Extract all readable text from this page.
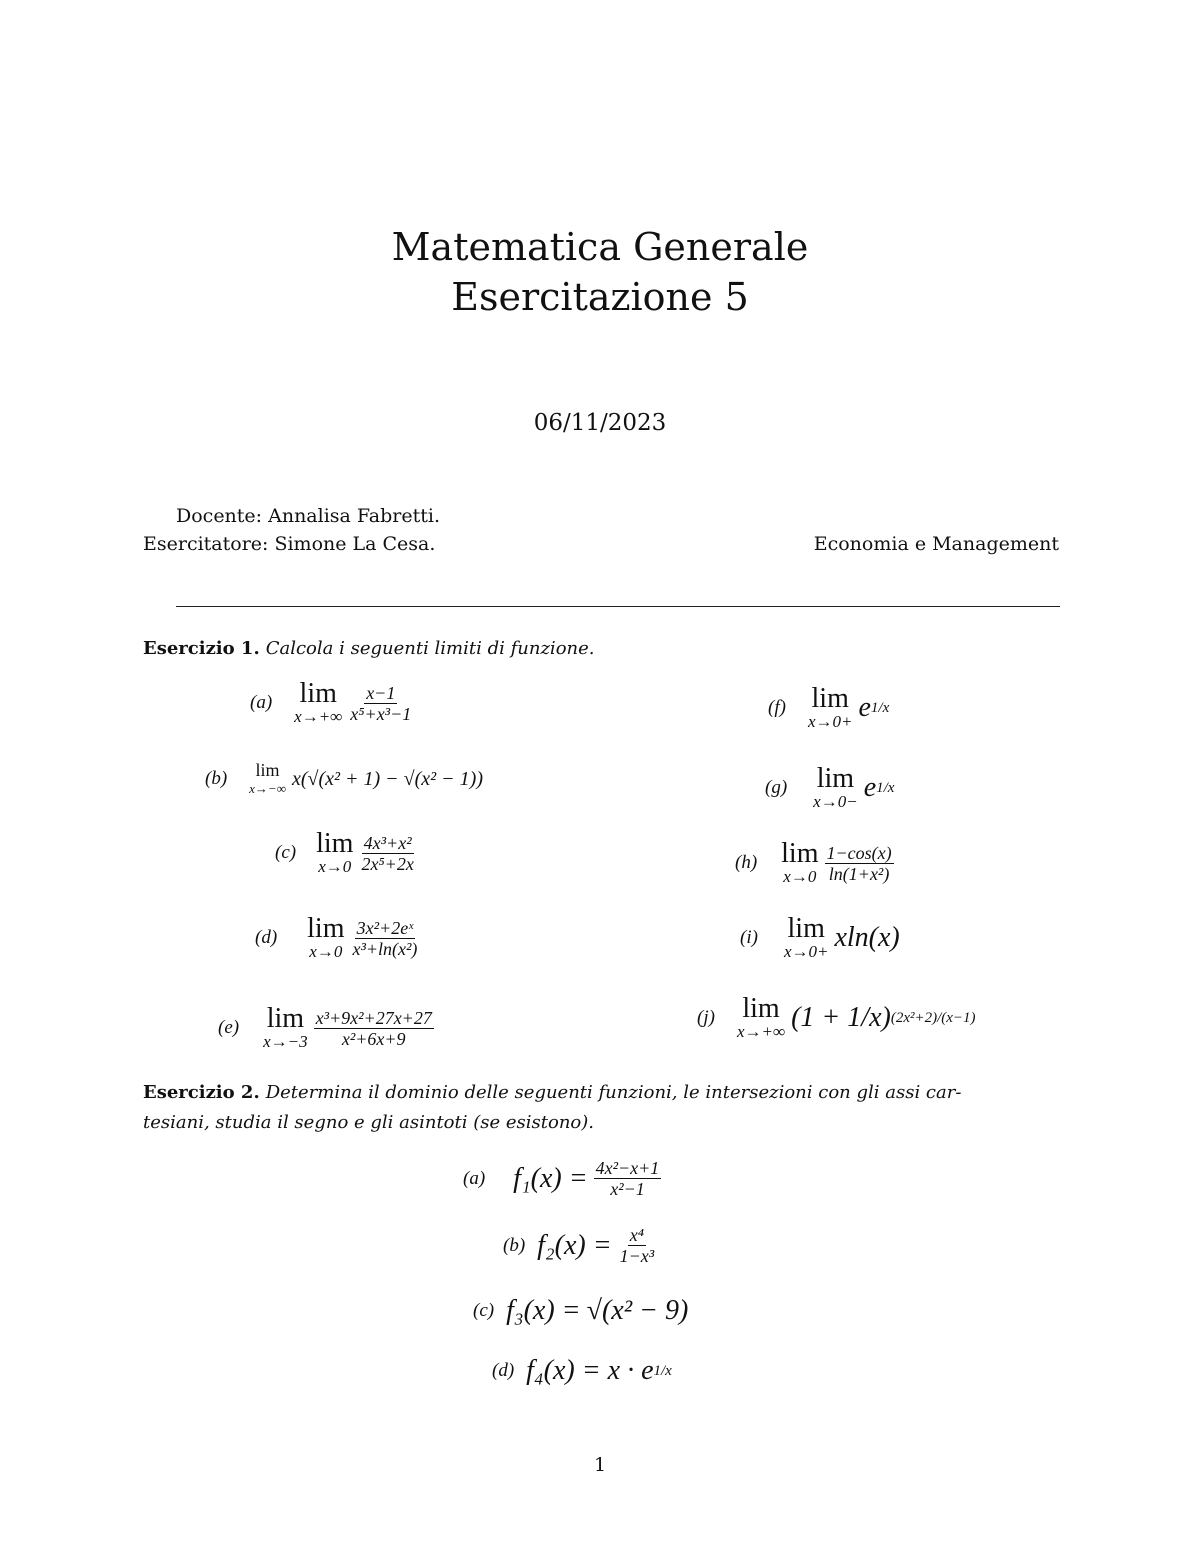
Matematica Generale
Esercitazione 5
06/11/2023
Docente: Annalisa Fabretti.
Esercitatore: Simone La Cesa.	Economia e Management
Esercizio 1. Calcola i seguenti limiti di funzione.
(a) lim
$x\to+\infty \frac{x-1}{\text{x⁵+x³−1}}$
(b) lim
x→−∞ x(√(x² + 1) − √(x² − 1))
(c) lim
$x\to 0 \frac{\text{4x³+x²}}{\text{2x⁵+2x}}$
(d) lim
$x\to 0 \frac{\text{3x²+2eˣ}}{\text{x³+ln(x²)}}$
(e) lim
$x\to-3 \frac{\text{x³+9x²+27x+27}}{\text{x²+6x+9}}$
(f) lim
x→0+ e 1/x
(g) lim
x→0− e 1/x
(h) lim
$x\to 0 \frac{1-\cos(x)}{\text{ln(1+x²)}}$
(i) lim
x→0+ xln(x)
(j) lim
x→+∞ (1 + 1/x) (2x²+2)/(x−1)
Esercizio 2. Determina il dominio delle seguenti funzioni, le intersezioni con gli assi car-
tesiani, studia il segno e gli asintoti (se esistono).
(a) $f_1(x) = \frac{\text{4x²−x+1}}{\text{x²−1}}$
(b) $f_2(x) = \frac{\text{x⁴}}{\text{1−x³}}$
(c) f₃(x) = √(x² − 9)
(d) f₄(x) = x · e 1/x
1
